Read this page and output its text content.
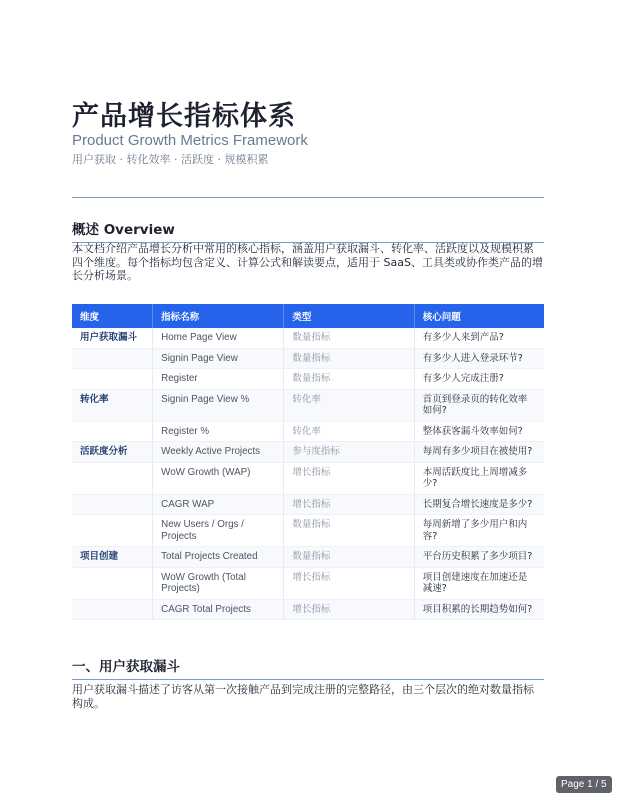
产品增长指标体系
Product Growth Metrics Framework
用户获取 · 转化效率 · 活跃度 · 规模积累
概述 Overview
本文档介绍产品增长分析中常用的核心指标，涵盖用户获取漏斗、转化率、活跃度以及规模积累四个维度。每个指标均包含定义、计算公式和解读要点，适用于 SaaS、工具类或协作类产品的增长分析场景。
维度	指标名称	类型	核心问题
用户获取漏斗	Home Page View	数量指标	有多少人来到产品?
	Signin Page View	数量指标	有多少人进入登录环节?
	Register	数量指标	有多少人完成注册?
转化率	Signin Page View %	转化率	首页到登录页的转化效率如何?
	Register %	转化率	整体获客漏斗效率如何?
活跃度分析	Weekly Active Projects	参与度指标	每周有多少项目在被使用?
	WoW Growth (WAP)	增长指标	本周活跃度比上周增减多少?
	CAGR WAP	增长指标	长期复合增长速度是多少?
	New Users / Orgs / Projects	数量指标	每周新增了多少用户和内容?
项目创建	Total Projects Created	数量指标	平台历史积累了多少项目?
	WoW Growth (Total Projects)	增长指标	项目创建速度在加速还是减速?
	CAGR Total Projects	增长指标	项目积累的长期趋势如何?
一、用户获取漏斗
用户获取漏斗描述了访客从第一次接触产品到完成注册的完整路径，由三个层次的绝对数量指标构成。
Page 1 / 5
